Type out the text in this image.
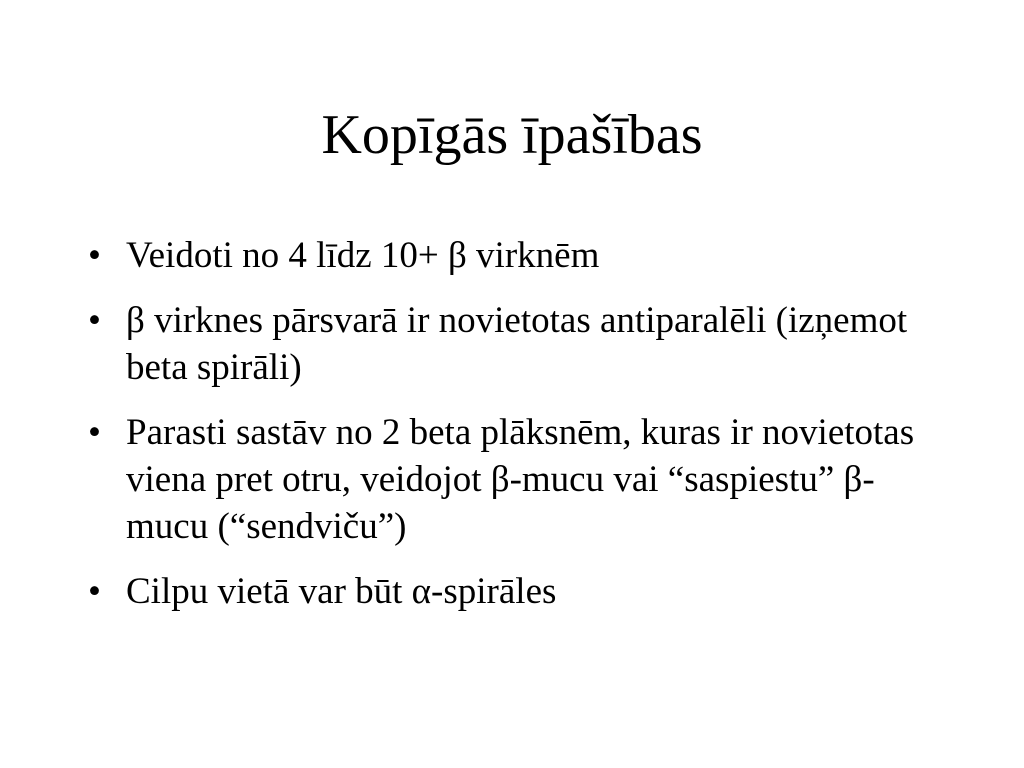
Kopīgās īpašības
• Veidoti no 4 līdz 10+ β virknēm
• β virknes pārsvarā ir novietotas antiparalēli (izņemot beta spirāli)
• Parasti sastāv no 2 beta plāksnēm, kuras ir novietotas viena pret otru, veidojot β-mucu vai “saspiestu” β-mucu (“sendviču”)
• Cilpu vietā var būt α-spirāles
